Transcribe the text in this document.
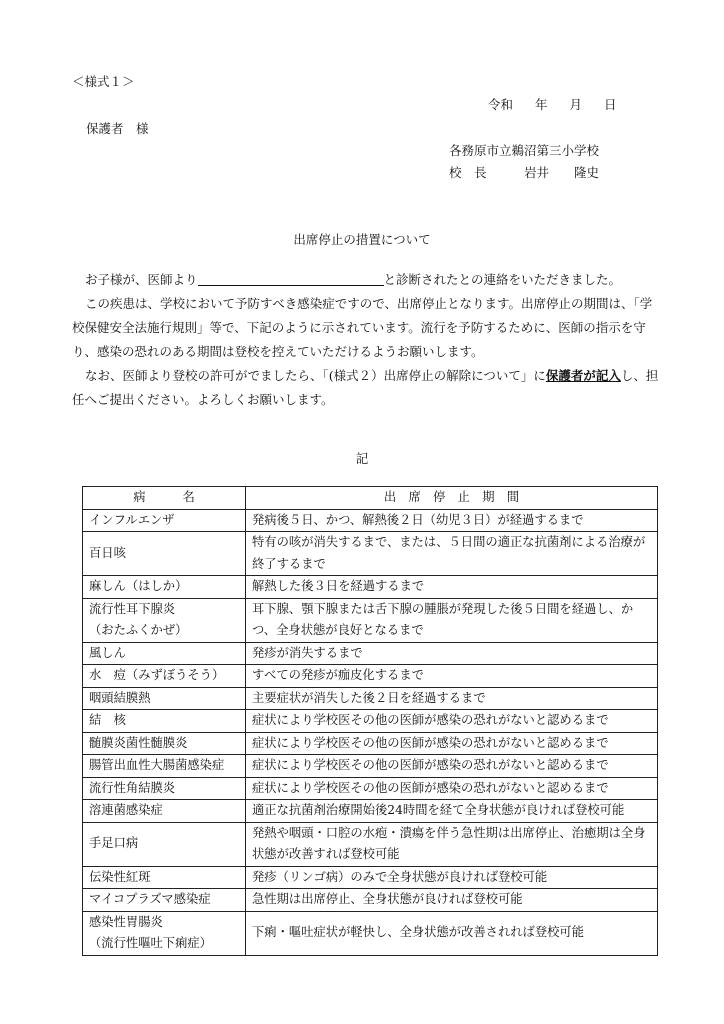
＜様式１＞
令和 年 月 日
保護者　様
各務原市立鵜沼第三小学校
校　長　　　岩井　　隆史
出席停止の措置について
お子様が、医師より	と診断されたとの連絡をいただきました。
この疾患は、学校において予防すべき感染症ですので、出席停止となります。出席停止の期間は、「学校保健安全法施行規則」等で、下記のように示されています。流行を予防するために、医師の指示を守り、感染の恐れのある期間は登校を控えていただけるようお願いします。
なお、医師より登校の許可がでましたら、「(様式２）出席停止の解除について」に保護者が記入し、担任へご提出ください。よろしくお願いします。
記
病　　　名	出　席　停　止　期　間
インフルエンザ	発病後５日、かつ、解熱後２日（幼児３日）が経過するまで
百日咳	特有の咳が消失するまで、または、５日間の適正な抗菌剤による治療が終了するまで
麻しん（はしか）	解熱した後３日を経過するまで

流行性耳下腺炎
（おたふくかぜ）	耳下腺、顎下腺または舌下腺の腫脹が発現した後５日間を経過し、かつ、全身状態が良好となるまで
風しん	発疹が消失するまで
水　痘（みずぼうそう）	すべての発疹が痂皮化するまで
咽頭結膜熱	主要症状が消失した後２日を経過するまで
結　核	症状により学校医その他の医師が感染の恐れがないと認めるまで
髄膜炎菌性髄膜炎	症状により学校医その他の医師が感染の恐れがないと認めるまで
腸管出血性大腸菌感染症	症状により学校医その他の医師が感染の恐れがないと認めるまで
流行性角結膜炎	症状により学校医その他の医師が感染の恐れがないと認めるまで
溶連菌感染症	適正な抗菌剤治療開始後24時間を経て全身状態が良ければ登校可能
手足口病	発熱や咽頭・口腔の水疱・潰瘍を伴う急性期は出席停止、治癒期は全身状態が改善すれば登校可能
伝染性紅斑	発疹（リンゴ病）のみで全身状態が良ければ登校可能
マイコプラズマ感染症	急性期は出席停止、全身状態が良ければ登校可能

感染性胃腸炎
（流行性嘔吐下痢症）	下痢・嘔吐症状が軽快し、全身状態が改善されれば登校可能
